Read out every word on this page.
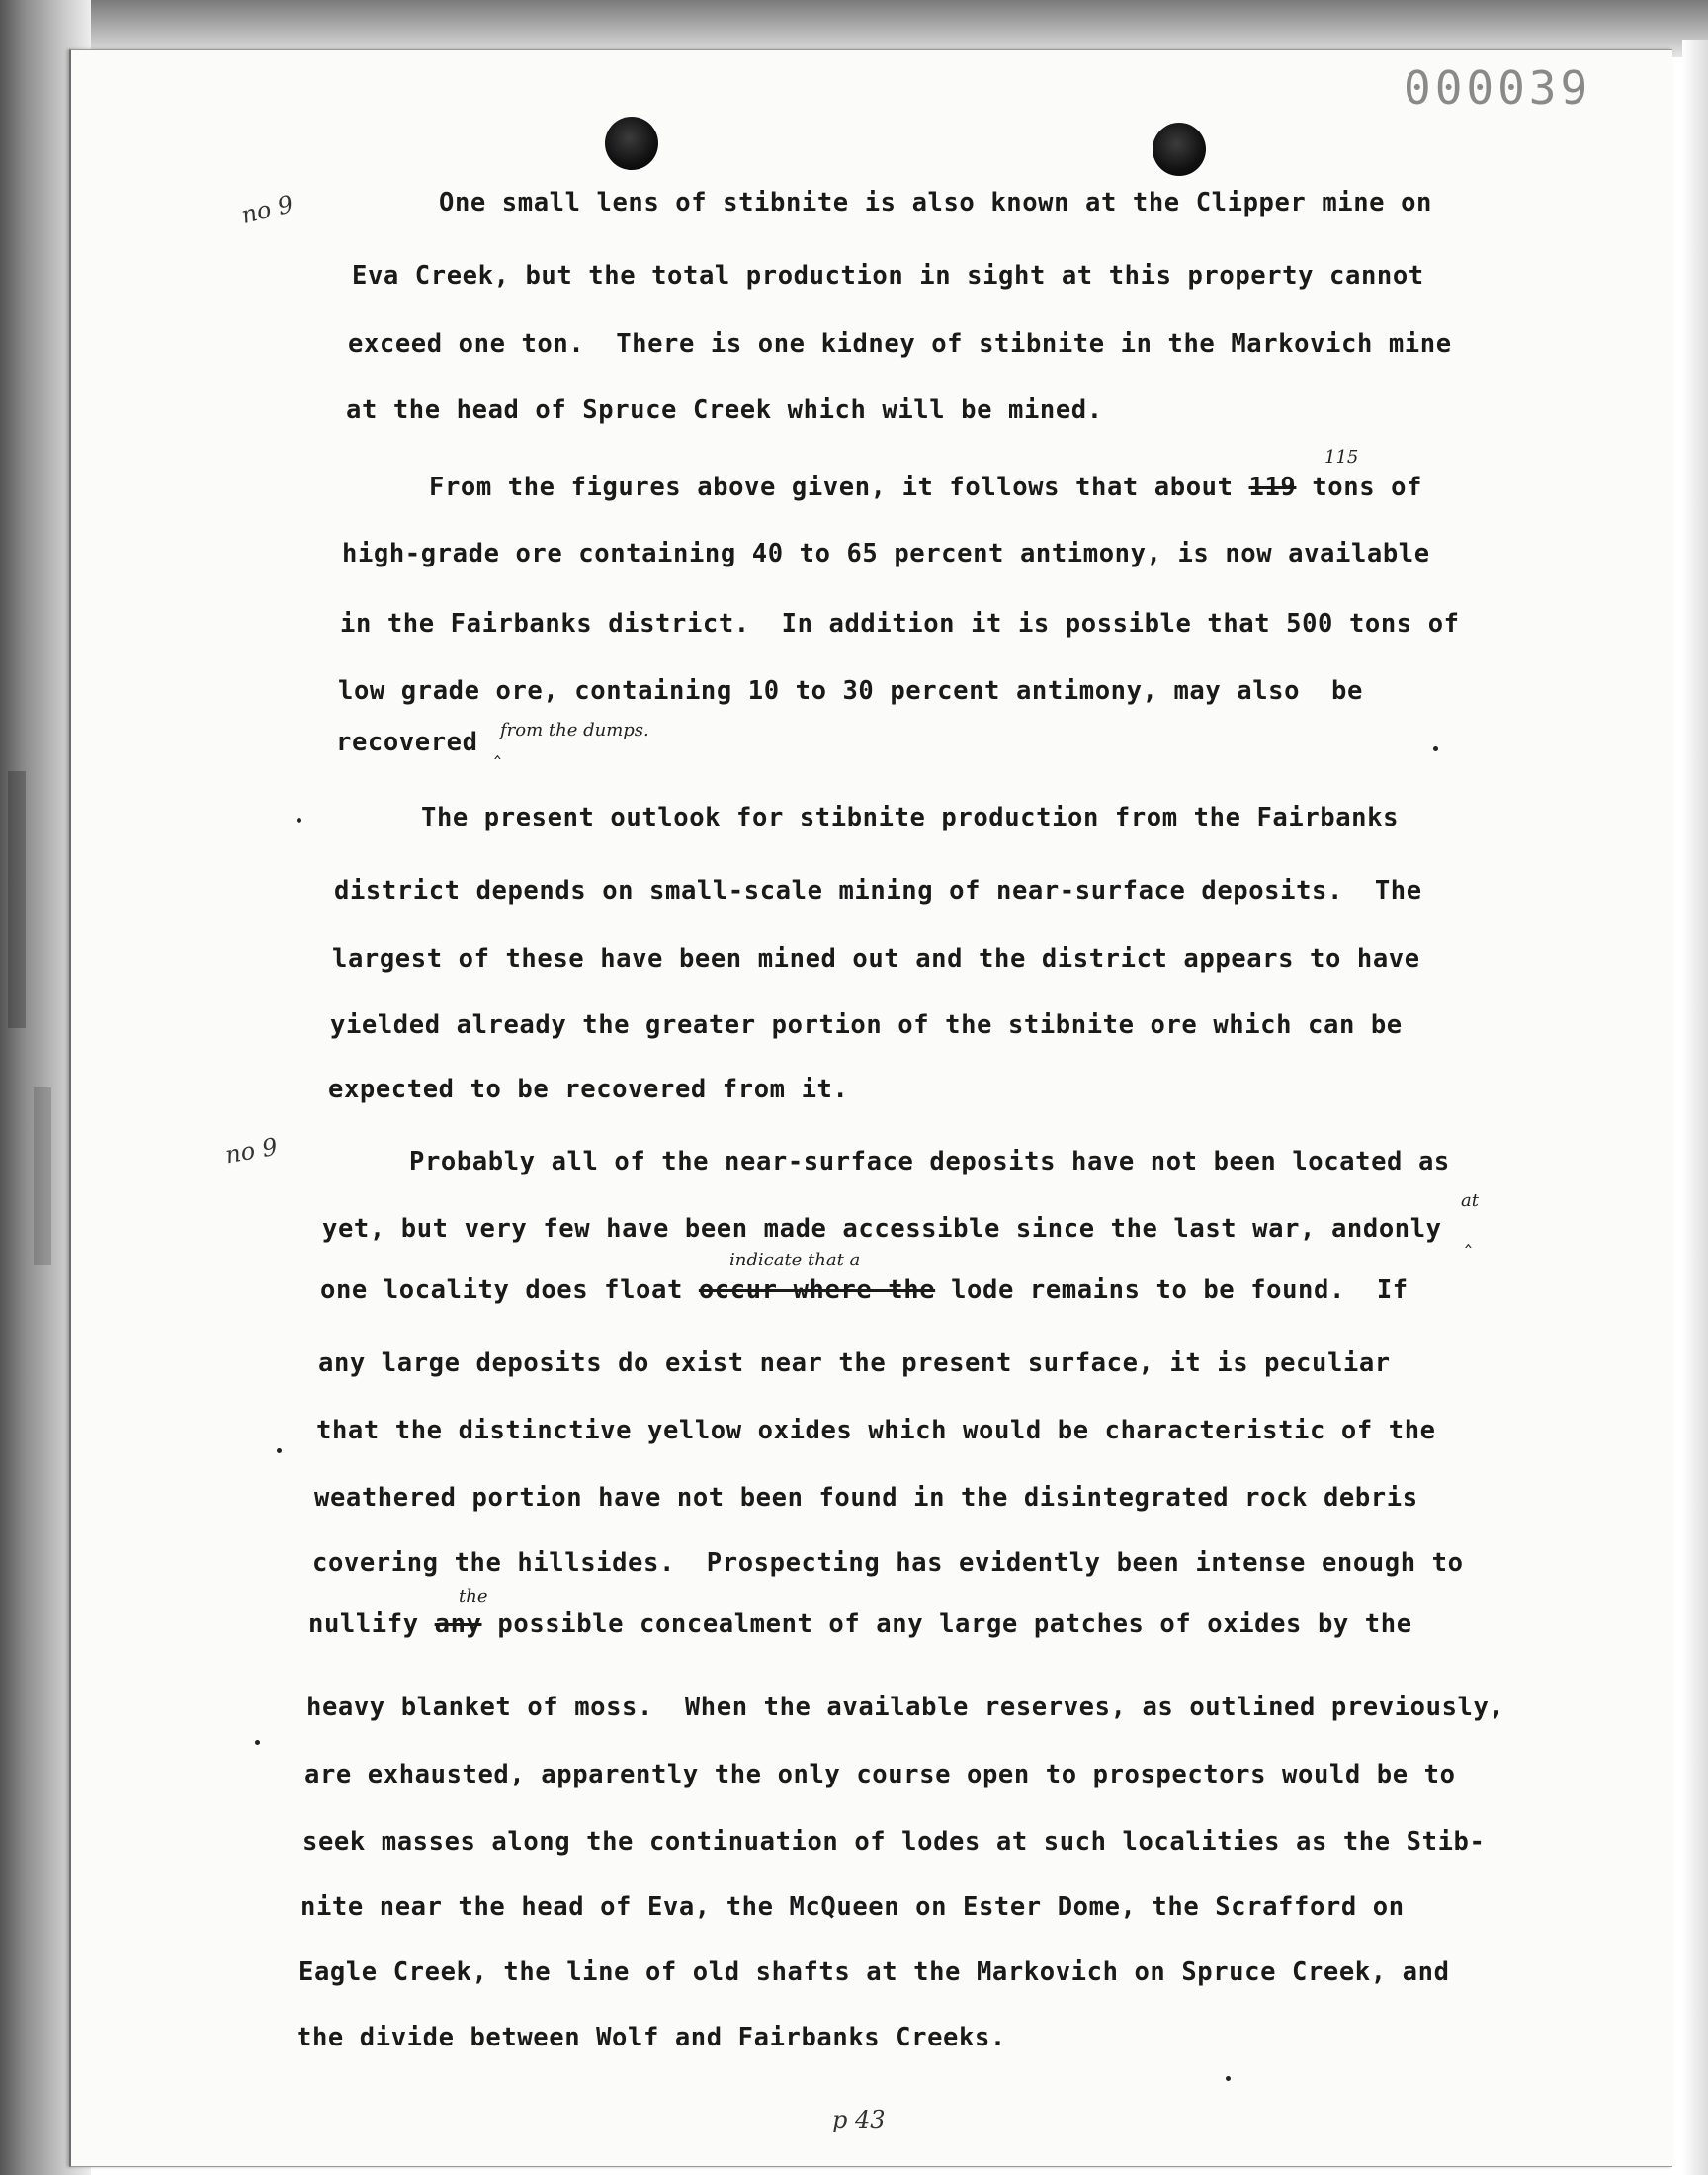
000039
no 9
no 9
One small lens of stibnite is also known at the Clipper mine on
Eva Creek, but the total production in sight at this property cannot
exceed one ton.  There is one kidney of stibnite in the Markovich mine
at the head of Spruce Creek which will be mined.
From the figures above given, it follows that about 119 tons of
115
high-grade ore containing 40 to 65 percent antimony, is now available
in the Fairbanks district.  In addition it is possible that 500 tons of
low grade ore, containing 10 to 30 percent antimony, may also  be
recovered ‸
from the dumps.
The present outlook for stibnite production from the Fairbanks
district depends on small-scale mining of near-surface deposits.  The
largest of these have been mined out and the district appears to have
yielded already the greater portion of the stibnite ore which can be
expected to be recovered from it.
Probably all of the near-surface deposits have not been located as
yet, but very few have been made accessible since the last war, andonly ‸
at
one locality does float occur where the lode remains to be found.  If
indicate that a
any large deposits do exist near the present surface, it is peculiar
that the distinctive yellow oxides which would be characteristic of the
weathered portion have not been found in the disintegrated rock debris
covering the hillsides.  Prospecting has evidently been intense enough to
nullify any possible concealment of any large patches of oxides by the
the
heavy blanket of moss.  When the available reserves, as outlined previously,
are exhausted, apparently the only course open to prospectors would be to
seek masses along the continuation of lodes at such localities as the Stib-
nite near the head of Eva, the McQueen on Ester Dome, the Scrafford on
Eagle Creek, the line of old shafts at the Markovich on Spruce Creek, and
the divide between Wolf and Fairbanks Creeks.
p 43
